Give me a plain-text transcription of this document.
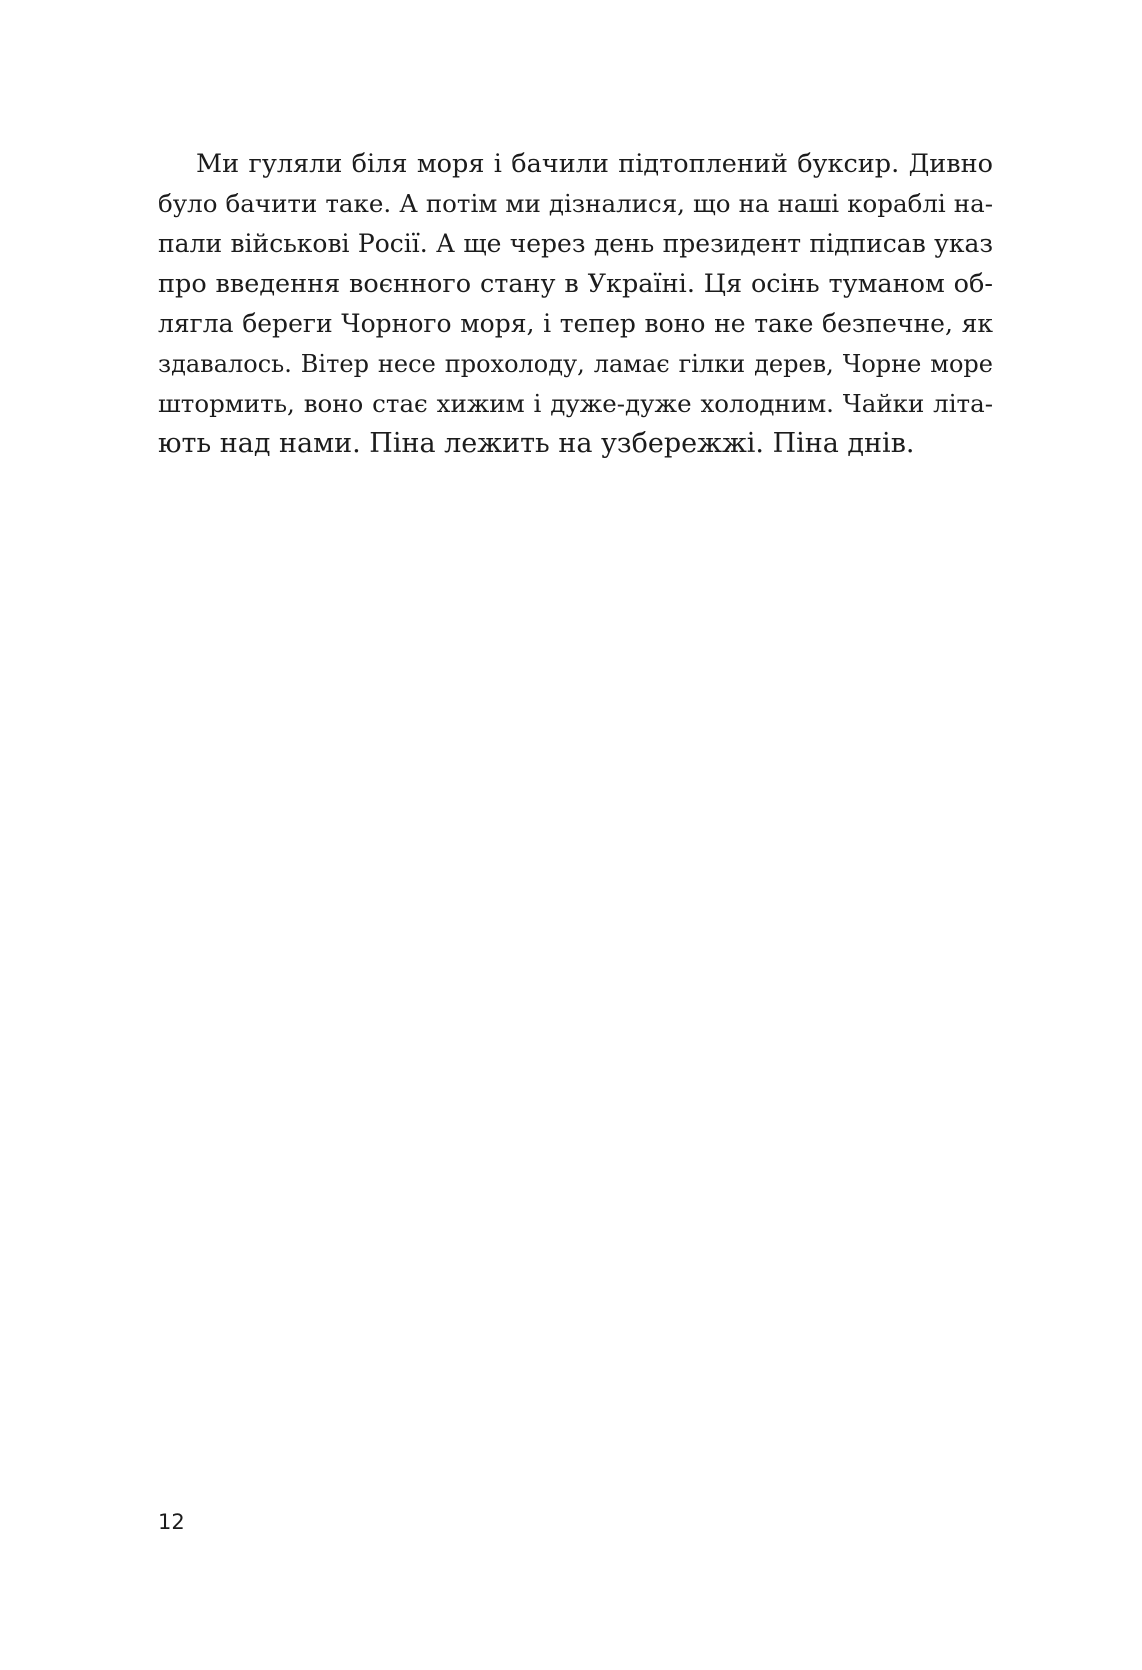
Ми гуляли біля моря і бачили підтоплений буксир. Дивно
було бачити таке. А потім ми дізналися, що на наші кораблі на-
пали військові Росії. А ще через день президент підписав указ
про введення воєнного стану в Україні. Ця осінь туманом об-
лягла береги Чорного моря, і тепер воно не таке безпечне, як
здавалось. Вітер несе прохолоду, ламає гілки дерев, Чорне море
штормить, воно стає хижим і дуже-дуже холодним. Чайки літа-
ють над нами. Піна лежить на узбережжі. Піна днів.
12
